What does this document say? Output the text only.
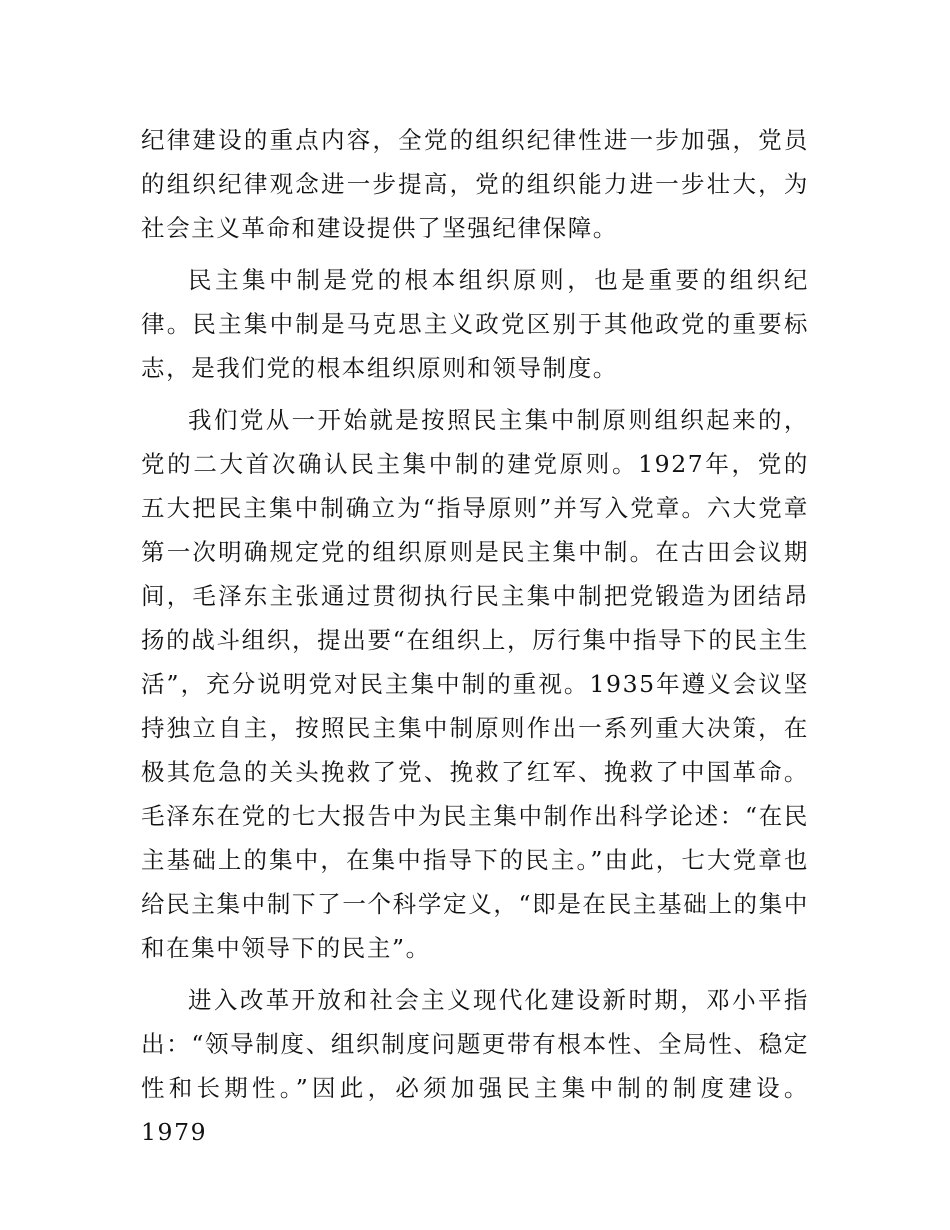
纪律建设的重点内容，全党的组织纪律性进一步加强，党员的组织纪律观念进一步提高，党的组织能力进一步壮大，为社会主义革命和建设提供了坚强纪律保障。

民主集中制是党的根本组织原则，也是重要的组织纪律。民主集中制是马克思主义政党区别于其他政党的重要标志，是我们党的根本组织原则和领导制度。

我们党从一开始就是按照民主集中制原则组织起来的，党的二大首次确认民主集中制的建党原则。1927年，党的五大把民主集中制确立为“指导原则”并写入党章。六大党章第一次明确规定党的组织原则是民主集中制。在古田会议期间，毛泽东主张通过贯彻执行民主集中制把党锻造为团结昂扬的战斗组织，提出要“在组织上，厉行集中指导下的民主生活”，充分说明党对民主集中制的重视。1935年遵义会议坚持独立自主，按照民主集中制原则作出一系列重大决策，在极其危急的关头挽救了党、挽救了红军、挽救了中国革命。毛泽东在党的七大报告中为民主集中制作出科学论述：“在民主基础上的集中，在集中指导下的民主。”由此，七大党章也给民主集中制下了一个科学定义，“即是在民主基础上的集中和在集中领导下的民主”。

进入改革开放和社会主义现代化建设新时期，邓小平指出：“领导制度、组织制度问题更带有根本性、全局性、稳定性和长期性。”因此，必须加强民主集中制的制度建设。1979
